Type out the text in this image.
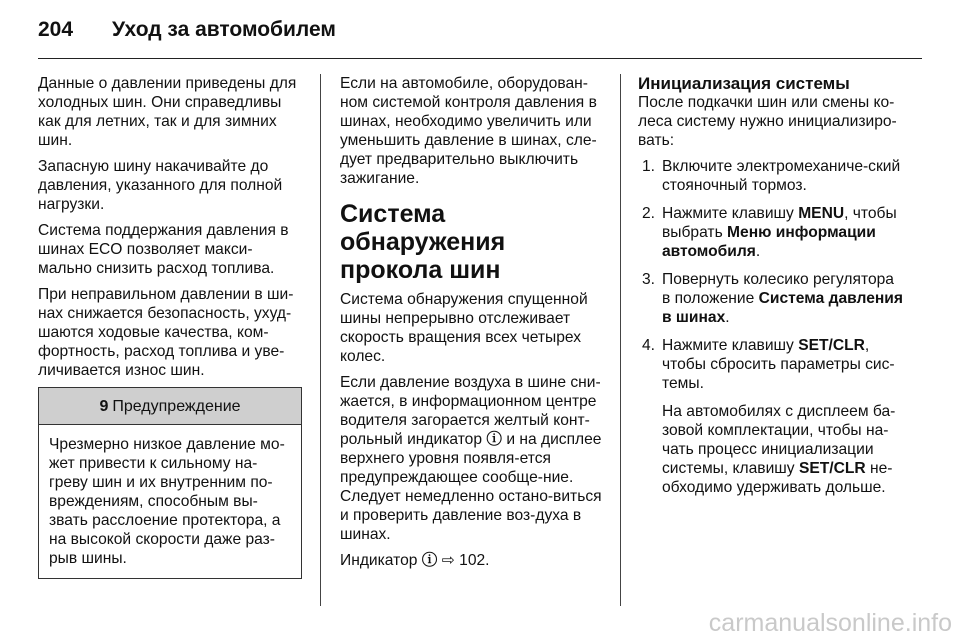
204 Уход за автомобилем

Данные о давлении приведены для холодных шин. Они справедливы как для летних, так и для зимних шин.

Запасную шину накачивайте до давления, указанного для полной нагрузки.

Система поддержания давления в шинах ECO позволяет макси-мально снизить расход топлива.

При неправильном давлении в ши-нах снижается безопасность, ухуд-шаются ходовые качества, ком-фортность, расход топлива и уве-личивается износ шин.

9 Предупреждение
Чрезмерно низкое давление мо-жет привести к сильному на-греву шин и их внутренним по-вреждениям, способным вы-звать расслоение протектора, а на высокой скорости даже раз-рыв шины.

Если на автомобиле, оборудован-ном системой контроля давления в шинах, необходимо увеличить или уменьшить давление в шинах, сле-дует предварительно выключить зажигание.

Система обнаружения прокола шин

Система обнаружения спущенной шины непрерывно отслеживает скорость вращения всех четырех колес.

Если давление воздуха в шине сни-жается, в информационном центре водителя загорается желтый конт-рольный индикатор ⓘ и на дисплее верхнего уровня появля-ется предупреждающее сообще-ние. Следует немедленно остано-виться и проверить давление воз-духа в шинах.

Индикатор ⓘ ⇨ 102.

Инициализация системы

После подкачки шин или смены ко-леса систему нужно инициализиро-вать:

1. Включите электромеханиче-ский стояночный тормоз.
2. Нажмите клавишу MENU, чтобы выбрать Меню информации автомобиля.
3. Повернуть колесико регулятора в положение Система давления в шинах.
4. Нажмите клавишу SET/CLR, чтобы сбросить параметры сис-темы.
На автомобилях с дисплеем ба-зовой комплектации, чтобы на-чать процесс инициализации системы, клавишу SET/CLR не-обходимо удерживать дольше.
carmanualsonline.info
